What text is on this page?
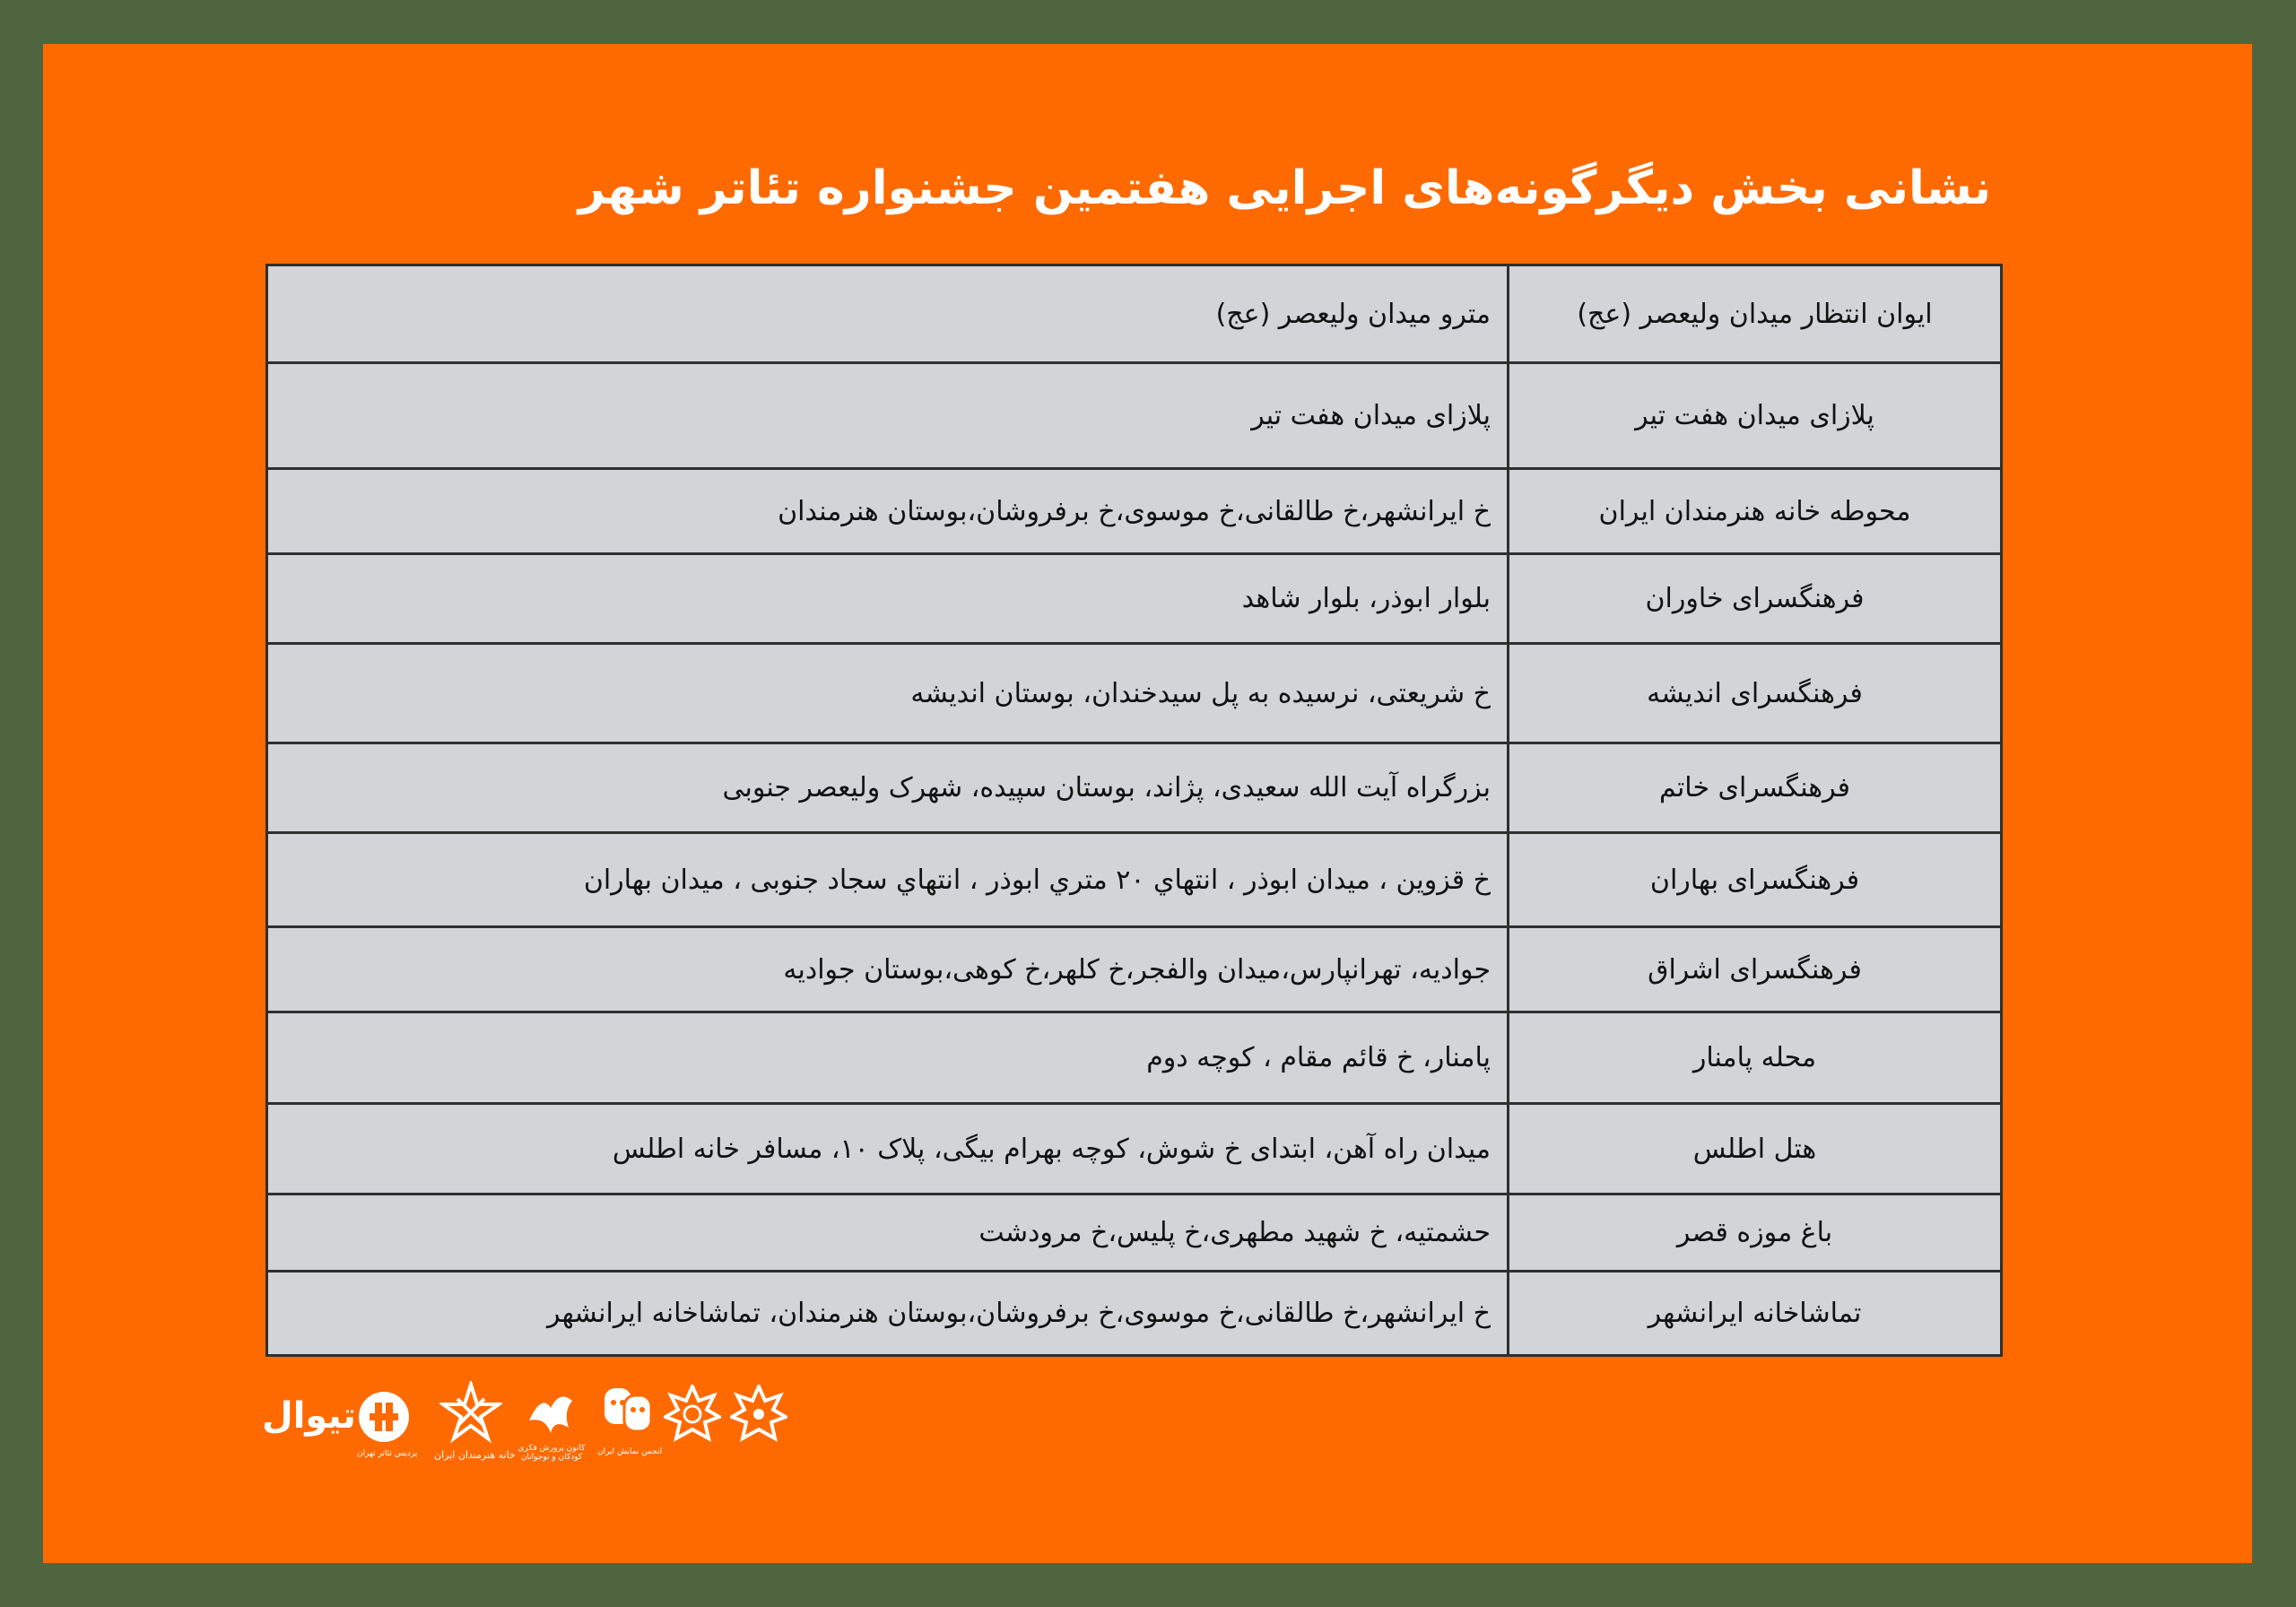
نشانی بخش دیگرگونه‌های اجرایی هفتمین جشنواره تئاتر شهر
ایوان انتظار میدان ولیعصر (عج)	مترو میدان ولیعصر (عج)
پلازای میدان هفت تیر	پلازای میدان هفت تیر
محوطه خانه هنرمندان ایران	خ ایرانشهر،خ طالقانی،خ موسوی،خ برفروشان،بوستان هنرمندان
فرهنگسرای خاوران	بلوار ابوذر، بلوار شاهد
فرهنگسرای اندیشه	خ شریعتی، نرسیده به پل سیدخندان، بوستان اندیشه
فرهنگسرای خاتم	بزرگراه آیت الله سعیدی، پژاند، بوستان سپیده، شهرک ولیعصر جنوبی
فرهنگسرای بهاران	خ قزوین ، میدان ابوذر ، انتهاي ۲۰ متري ابوذر ، انتهاي سجاد جنوبی ، میدان بهاران
فرهنگسرای اشراق	جوادیه، تهرانپارس،میدان والفجر،خ کلهر،خ کوهی،بوستان جوادیه
محله پامنار	پامنار، خ قائم مقام ، کوچه دوم
هتل اطلس	میدان راه آهن، ابتدای خ شوش، کوچه بهرام بیگی، پلاک ۱۰، مسافر خانه اطلس
باغ موزه قصر	حشمتیه، خ شهید مطهری،خ پلیس،خ مرودشت
تماشاخانه ایرانشهر	خ ایرانشهر،خ طالقانی،خ موسوی،خ برفروشان،بوستان هنرمندان، تماشاخانه ایرانشهر
تیوال
پردیس تئاتر تهران خانه هنرمندان ایران
کانون پرورش فکری کودکان و نوجوانان
انجمن نمایش ایران
